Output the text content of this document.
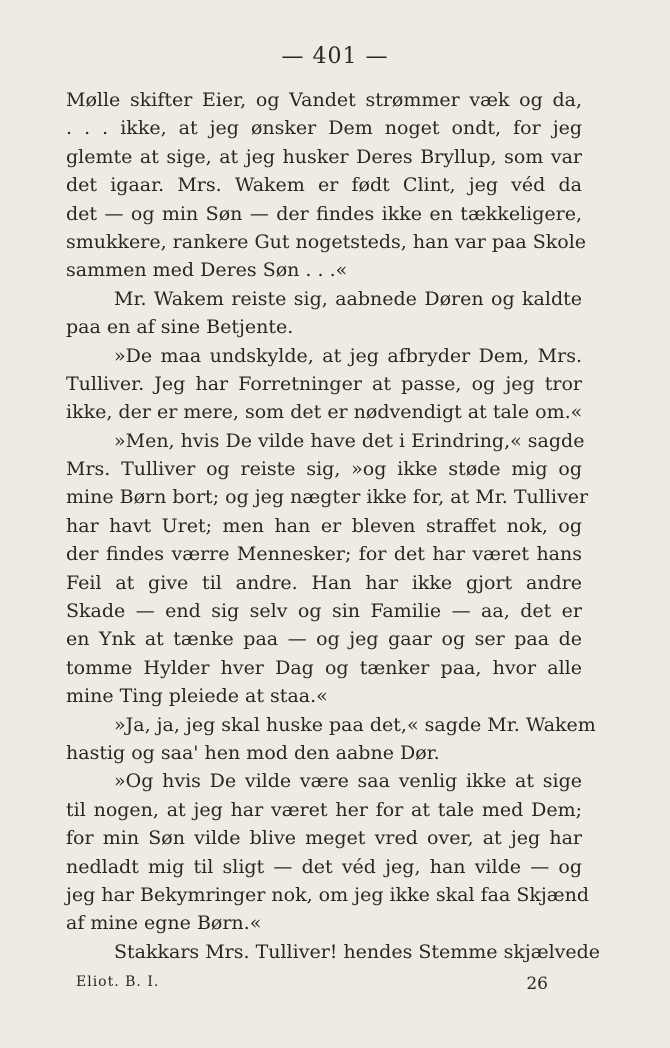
— 401 —
Mølle skifter Eier, og Vandet strømmer væk og da,
. . . ikke, at jeg ønsker Dem noget ondt, for jeg
glemte at sige, at jeg husker Deres Bryllup, som var
det igaar. Mrs. Wakem er født Clint, jeg véd da
det — og min Søn — der findes ikke en tækkeligere,
smukkere, rankere Gut nogetsteds, han var paa Skole
sammen med Deres Søn . . .«
Mr. Wakem reiste sig, aabnede Døren og kaldte
paa en af sine Betjente.
»De maa undskylde, at jeg afbryder Dem, Mrs.
Tulliver. Jeg har Forretninger at passe, og jeg tror
ikke, der er mere, som det er nødvendigt at tale om.«
»Men, hvis De vilde have det i Erindring,« sagde
Mrs. Tulliver og reiste sig, »og ikke støde mig og
mine Børn bort; og jeg nægter ikke for, at Mr. Tulliver
har havt Uret; men han er bleven straffet nok, og
der findes værre Mennesker; for det har været hans
Feil at give til andre. Han har ikke gjort andre
Skade — end sig selv og sin Familie — aa, det er
en Ynk at tænke paa — og jeg gaar og ser paa de
tomme Hylder hver Dag og tænker paa, hvor alle
mine Ting pleiede at staa.«
»Ja, ja, jeg skal huske paa det,« sagde Mr. Wakem
hastig og saa' hen mod den aabne Dør.
»Og hvis De vilde være saa venlig ikke at sige
til nogen, at jeg har været her for at tale med Dem;
for min Søn vilde blive meget vred over, at jeg har
nedladt mig til sligt — det véd jeg, han vilde — og
jeg har Bekymringer nok, om jeg ikke skal faa Skjænd
af mine egne Børn.«
Stakkars Mrs. Tulliver! hendes Stemme skjælvede
Eliot. B. I.	26
